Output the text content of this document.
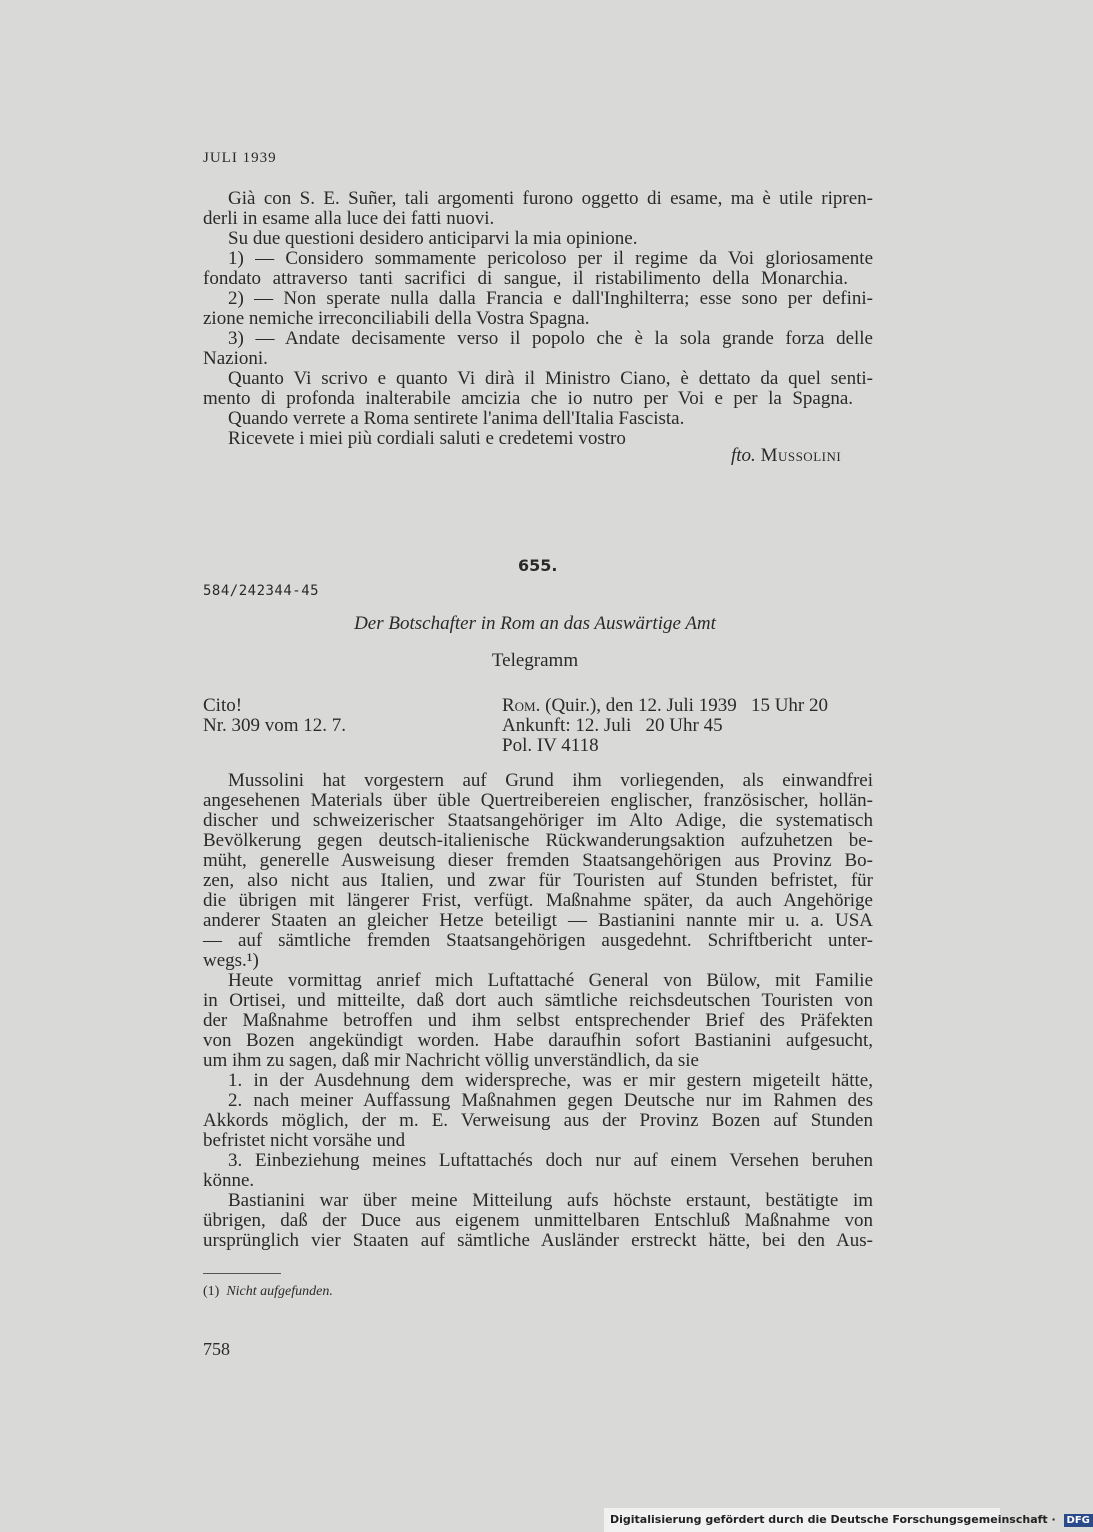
JULI 1939
Già con S. E. Suñer, tali argomenti furono oggetto di esame, ma è utile ripren-
derli in esame alla luce dei fatti nuovi.
Su due questioni desidero anticiparvi la mia opinione.
1) — Considero sommamente pericoloso per il regime da Voi gloriosamente
fondato attraverso tanti sacrifici di sangue, il ristabilimento della Monarchia.
2) — Non sperate nulla dalla Francia e dall'Inghilterra; esse sono per defini-
zione nemiche irreconciliabili della Vostra Spagna.
3) — Andate decisamente verso il popolo che è la sola grande forza delle
Nazioni.
Quanto Vi scrivo e quanto Vi dirà il Ministro Ciano, è dettato da quel senti-
mento di profonda inalterabile amcizia che io nutro per Voi e per la Spagna.
Quando verrete a Roma sentirete l'anima dell'Italia Fascista.
Ricevete i miei più cordiali saluti e credetemi vostro
fto. Mussolini
655.
584/242344-45
Der Botschafter in Rom an das Auswärtige Amt
Telegramm
Cito!
Nr. 309 vom 12. 7.
Rom. (Quir.), den 12. Juli 1939   15 Uhr 20
Ankunft: 12. Juli   20 Uhr 45
Pol. IV 4118
Mussolini hat vorgestern auf Grund ihm vorliegenden, als einwandfrei
angesehenen Materials über üble Quertreibereien englischer, französischer, hollän-
discher und schweizerischer Staatsangehöriger im Alto Adige, die systematisch
Bevölkerung gegen deutsch-italienische Rückwanderungsaktion aufzuhetzen be-
müht, generelle Ausweisung dieser fremden Staatsangehörigen aus Provinz Bo-
zen, also nicht aus Italien, und zwar für Touristen auf Stunden befristet, für
die übrigen mit längerer Frist, verfügt. Maßnahme später, da auch Angehörige
anderer Staaten an gleicher Hetze beteiligt — Bastianini nannte mir u. a. USA
— auf sämtliche fremden Staatsangehörigen ausgedehnt. Schriftbericht unter-
wegs.¹)
Heute vormittag anrief mich Luftattaché General von Bülow, mit Familie
in Ortisei, und mitteilte, daß dort auch sämtliche reichsdeutschen Touristen von
der Maßnahme betroffen und ihm selbst entsprechender Brief des Präfekten
von Bozen angekündigt worden. Habe daraufhin sofort Bastianini aufgesucht,
um ihm zu sagen, daß mir Nachricht völlig unverständlich, da sie
1. in der Ausdehnung dem widerspreche, was er mir gestern migeteilt hätte,
2. nach meiner Auffassung Maßnahmen gegen Deutsche nur im Rahmen des
Akkords möglich, der m. E. Verweisung aus der Provinz Bozen auf Stunden
befristet nicht vorsähe und
3. Einbeziehung meines Luftattachés doch nur auf einem Versehen beruhen
könne.
Bastianini war über meine Mitteilung aufs höchste erstaunt, bestätigte im
übrigen, daß der Duce aus eigenem unmittelbaren Entschluß Maßnahme von
ursprünglich vier Staaten auf sämtliche Ausländer erstreckt hätte, bei den Aus-
(1) Nicht aufgefunden.
758
Digitalisierung gefördert durch die Deutsche Forschungsgemeinschaft · DFG
